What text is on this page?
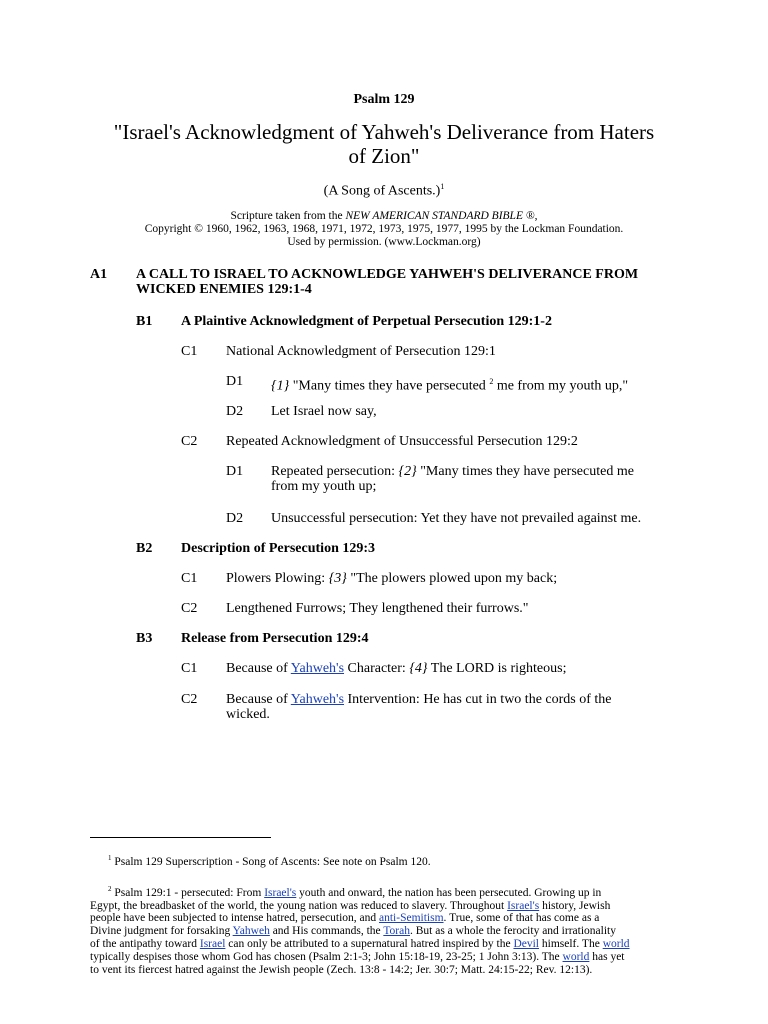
Psalm 129
"Israel's Acknowledgment of Yahweh's Deliverance from Haters
of Zion"
(A Song of Ascents.)$^1$
Scripture taken from the NEW AMERICAN STANDARD BIBLE ®,
Copyright © 1960, 1962, 1963, 1968, 1971, 1972, 1973, 1975, 1977, 1995 by the Lockman Foundation.
Used by permission. (www.Lockman.org)
A1 A CALL TO ISRAEL TO ACKNOWLEDGE YAHWEH'S DELIVERANCE FROM
WICKED ENEMIES 129:1-4
B1 A Plaintive Acknowledgment of Perpetual Persecution 129:1-2
C1 National Acknowledgment of Persecution 129:1
D1 {1} "Many times they have persecuted $^2$ me from my youth up,"
D2 Let Israel now say,
C2 Repeated Acknowledgment of Unsuccessful Persecution 129:2
D1 Repeated persecution: {2} "Many times they have persecuted me
from my youth up;
D2 Unsuccessful persecution: Yet they have not prevailed against me.
B2 Description of Persecution 129:3
C1 Plowers Plowing: {3} "The plowers plowed upon my back;
C2 Lengthened Furrows; They lengthened their furrows."
B3 Release from Persecution 129:4
C1 Because of Yahweh's Character: {4} The LORD is righteous;
C2 Because of Yahweh's Intervention: He has cut in two the cords of the
wicked.
$^1$ Psalm 129 Superscription - Song of Ascents: See note on Psalm 120.
$^2$ Psalm 129:1 - persecuted: From Israel's youth and onward, the nation has been persecuted. Growing up in
Egypt, the breadbasket of the world, the young nation was reduced to slavery. Throughout Israel's history, Jewish
people have been subjected to intense hatred, persecution, and anti-Semitism. True, some of that has come as a
Divine judgment for forsaking Yahweh and His commands, the Torah. But as a whole the ferocity and irrationality
of the antipathy toward Israel can only be attributed to a supernatural hatred inspired by the Devil himself. The world
typically despises those whom God has chosen (Psalm 2:1-3; John 15:18-19, 23-25; 1 John 3:13). The world has yet
to vent its fiercest hatred against the Jewish people (Zech. 13:8 - 14:2; Jer. 30:7; Matt. 24:15-22; Rev. 12:13).
